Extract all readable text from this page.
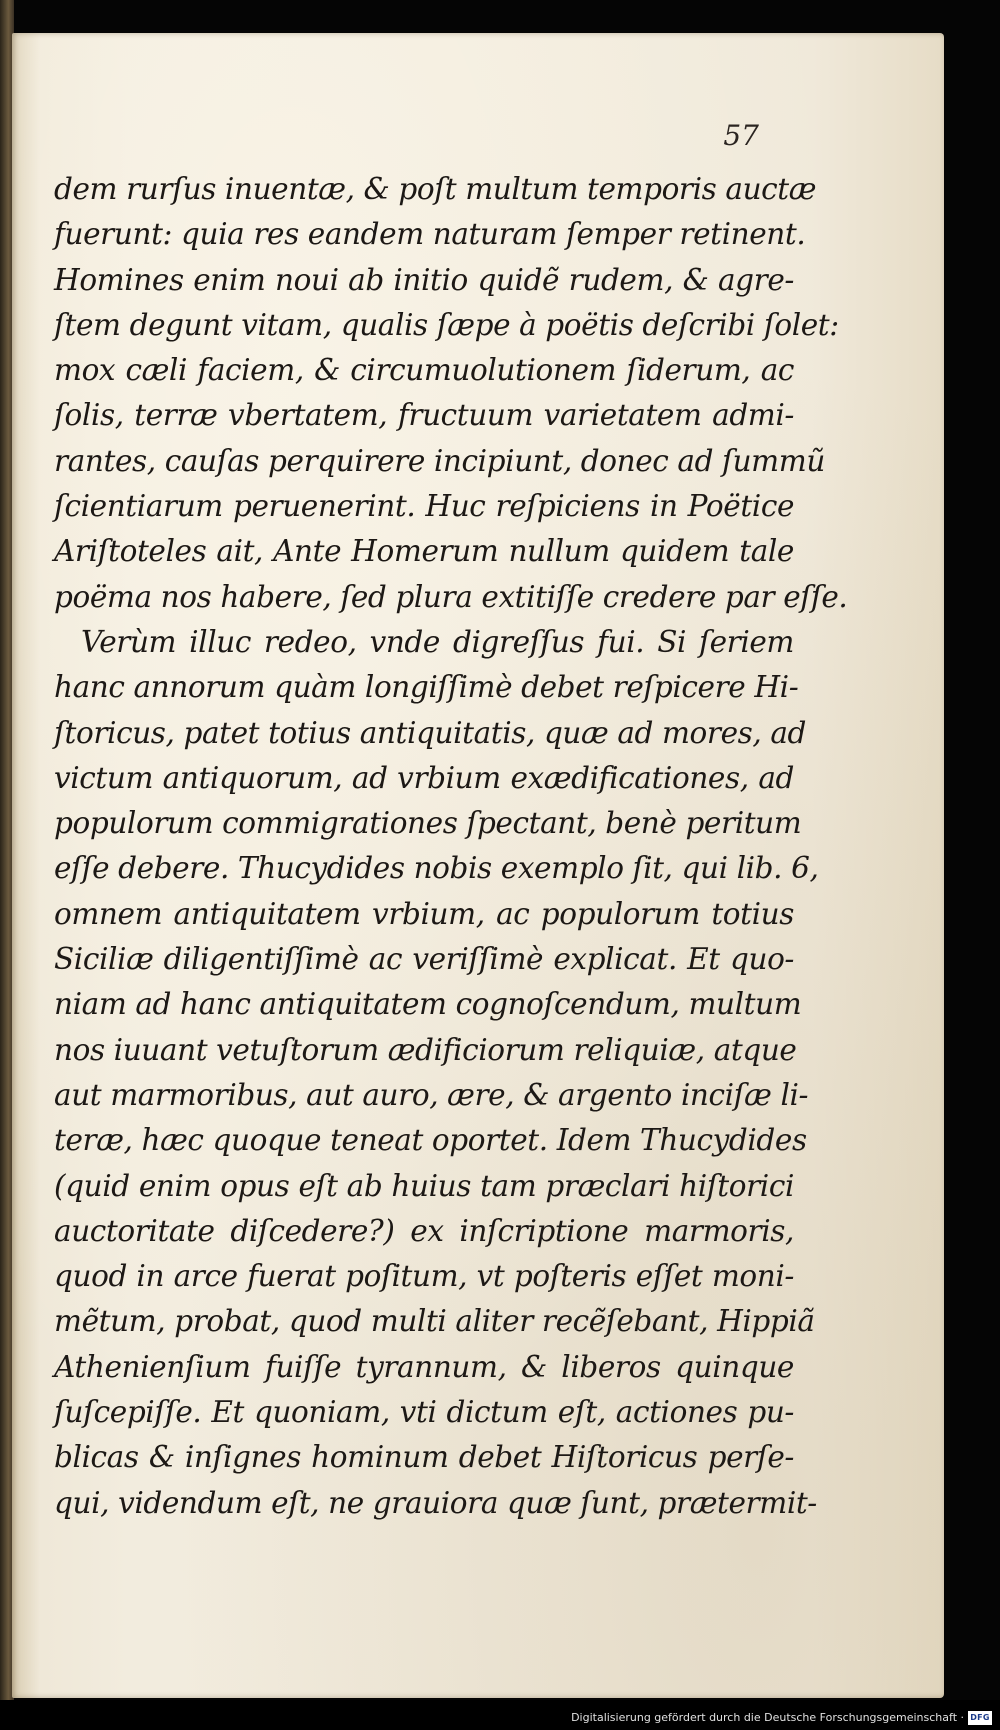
57

dem rurſus inuentæ, & poſt multum temporis auctæ
fuerunt: quia res eandem naturam ſemper retinent.
Homines enim noui ab initio quidẽ rudem, & agre-
ſtem degunt vitam, qualis ſæpe à poëtis deſcribi ſolet:
mox cæli faciem, & circumuolutionem ſiderum, ac
ſolis, terræ vbertatem, fructuum varietatem admi-
rantes, cauſas perquirere incipiunt, donec ad ſummũ
ſcientiarum peruenerint. Huc reſpiciens in Poëtice
Ariſtoteles ait, Ante Homerum nullum quidem tale
poëma nos habere, ſed plura extitiſſe credere par eſſe.
Verùm illuc redeo, vnde digreſſus fui. Si ſeriem
hanc annorum quàm longiſſimè debet reſpicere Hi-
ſtoricus, patet totius antiquitatis, quæ ad mores, ad
victum antiquorum, ad vrbium exædificationes, ad
populorum commigrationes ſpectant, benè peritum
eſſe debere. Thucydides nobis exemplo ſit, qui lib. 6,
omnem antiquitatem vrbium, ac populorum totius
Siciliæ diligentiſſimè ac veriſſimè explicat. Et quo-
niam ad hanc antiquitatem cognoſcendum, multum
nos iuuant vetuſtorum ædificiorum reliquiæ, atque
aut marmoribus, aut auro, ære, & argento inciſæ li-
teræ, hæc quoque teneat oportet. Idem Thucydides
(quid enim opus eſt ab huius tam præclari hiſtorici
auctoritate diſcedere?) ex inſcriptione marmoris,
quod in arce fuerat poſitum, vt poſteris eſſet moni-
mẽtum, probat, quod multi aliter recẽſebant, Hippiã
Athenienſium fuiſſe tyrannum, & liberos quinque
ſuſcepiſſe. Et quoniam, vti dictum eſt, actiones pu-
blicas & inſignes hominum debet Hiſtoricus perſe-
qui, videndum eſt, ne grauiora quæ ſunt, prætermit-

Digitalisierung gefördert durch die Deutsche Forschungsgemeinschaft · DFG
